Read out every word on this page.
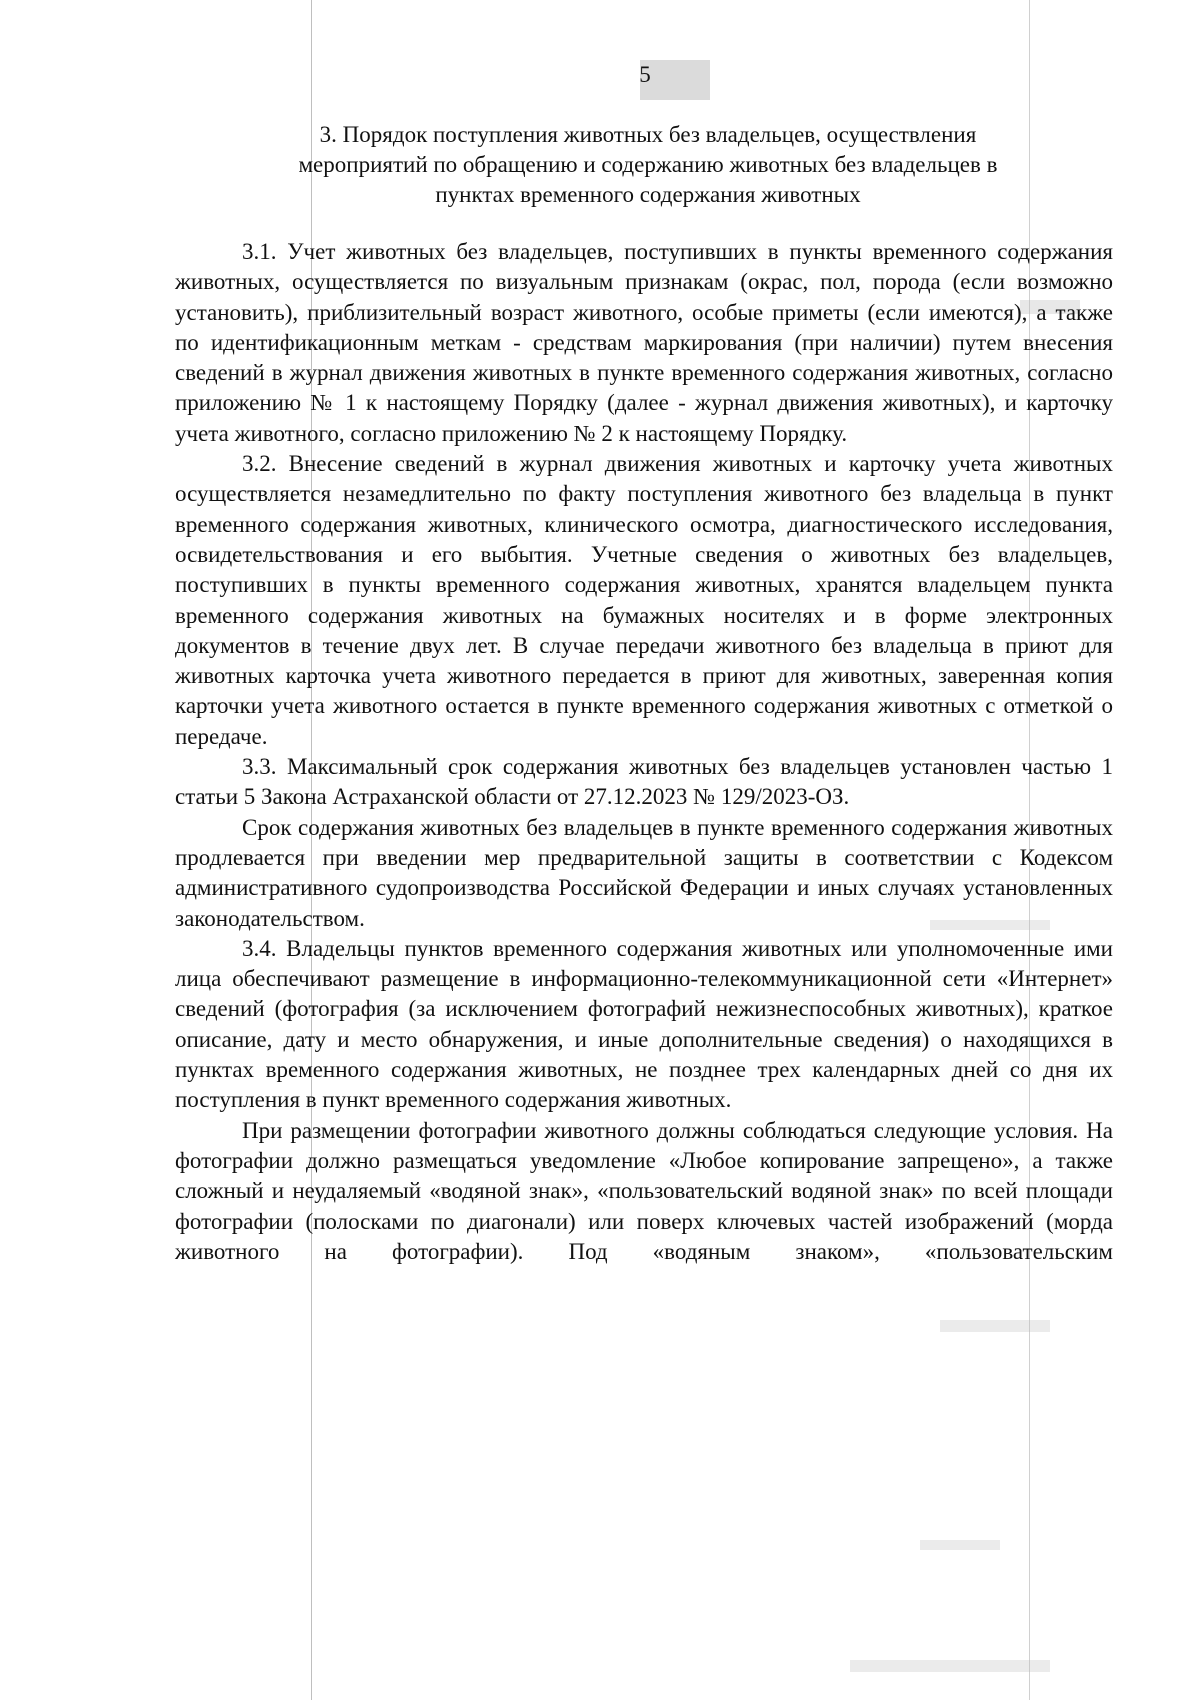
5
3. Порядок поступления животных без владельцев, осуществления
мероприятий по обращению и содержанию животных без владельцев в
пунктах временного содержания животных

3.1. Учет животных без владельцев, поступивших в пункты временного содержания животных, осуществляется по визуальным признакам (окрас, пол, порода (если возможно установить), приблизительный возраст животного, особые приметы (если имеются), а также по идентификационным меткам - средствам маркирования (при наличии) путем внесения сведений в журнал движения животных в пункте временного содержания животных, согласно приложению № 1 к настоящему Порядку (далее - журнал движения животных), и карточку учета животного, согласно приложению № 2 к настоящему Порядку.

3.2. Внесение сведений в журнал движения животных и карточку учета животных осуществляется незамедлительно по факту поступления животного без владельца в пункт временного содержания животных, клинического осмотра, диагностического исследования, освидетельствования и его выбытия. Учетные сведения о животных без владельцев, поступивших в пункты временного содержания животных, хранятся владельцем пункта временного содержания животных на бумажных носителях и в форме электронных документов в течение двух лет. В случае передачи животного без владельца в приют для животных карточка учета животного передается в приют для животных, заверенная копия карточки учета животного остается в пункте временного содержания животных с отметкой о передаче.

3.3. Максимальный срок содержания животных без владельцев установлен частью 1 статьи 5 Закона Астраханской области от 27.12.2023 № 129/2023-ОЗ.

Срок содержания животных без владельцев в пункте временного содержания животных продлевается при введении мер предварительной защиты в соответствии с Кодексом административного судопроизводства Российской Федерации и иных случаях установленных законодательством.

3.4. Владельцы пунктов временного содержания животных или уполномоченные ими лица обеспечивают размещение в информационно-телекоммуникационной сети «Интернет» сведений (фотография (за исключением фотографий нежизнеспособных животных), краткое описание, дату и место обнаружения, и иные дополнительные сведения) о находящихся в пунктах временного содержания животных, не позднее трех календарных дней со дня их поступления в пункт временного содержания животных.

При размещении фотографии животного должны соблюдаться следующие условия. На фотографии должно размещаться уведомление «Любое копирование запрещено», а также сложный и неудаляемый «водяной знак», «пользовательский водяной знак» по всей площади фотографии (полосками по диагонали) или поверх ключевых частей изображений (морда животного на фотографии). Под «водяным знаком», «пользовательским
